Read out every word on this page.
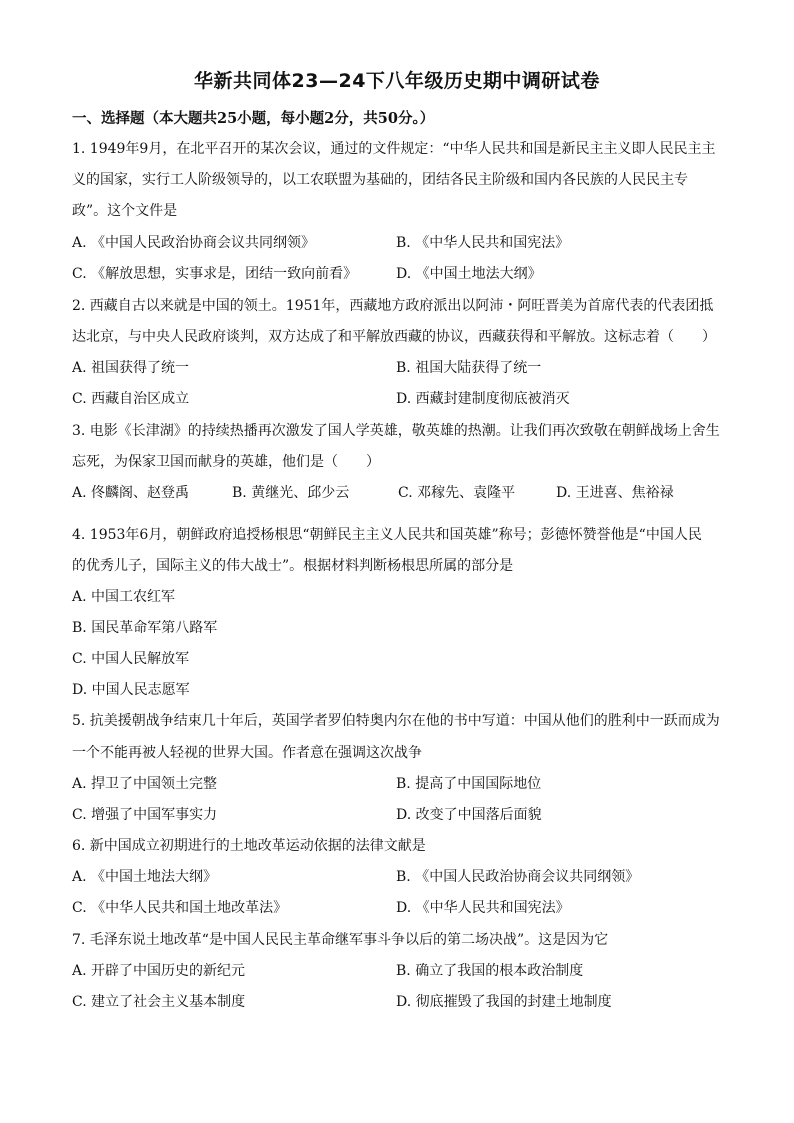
华新共同体23—24下八年级历史期中调研试卷
一、选择题（本大题共25小题，每小题2分，共50分。）
1. 1949年9月，在北平召开的某次会议，通过的文件规定：“中华人民共和国是新民主主义即人民民主主
义的国家，实行工人阶级领导的，以工农联盟为基础的，团结各民主阶级和国内各民族的人民民主专
政”。这个文件是
A. 《中国人民政治协商会议共同纲领》	B. 《中华人民共和国宪法》
C. 《解放思想，实事求是，团结一致向前看》	D. 《中国土地法大纲》
2. 西藏自古以来就是中国的领土。1951年，西藏地方政府派出以阿沛・阿旺晋美为首席代表的代表团抵
达北京，与中央人民政府谈判，双方达成了和平解放西藏的协议，西藏获得和平解放。这标志着（　　）
A. 祖国获得了统一	B. 祖国大陆获得了统一
C. 西藏自治区成立	D. 西藏封建制度彻底被消灭
3. 电影《长津湖》的持续热播再次激发了国人学英雄，敬英雄的热潮。让我们再次致敬在朝鲜战场上舍生
忘死，为保家卫国而献身的英雄，他们是（　　）
A. 佟麟阁、赵登禹	B. 黄继光、邱少云	C. 邓稼先、袁隆平	D. 王进喜、焦裕禄
4. 1953年6月，朝鲜政府追授杨根思“朝鲜民主主义人民共和国英雄”称号；彭德怀赞誉他是“中国人民
的优秀儿子，国际主义的伟大战士”。根据材料判断杨根思所属的部分是
A. 中国工农红军
B. 国民革命军第八路军
C. 中国人民解放军
D. 中国人民志愿军
5. 抗美援朝战争结束几十年后，英国学者罗伯特奥内尔在他的书中写道：中国从他们的胜利中一跃而成为
一个不能再被人轻视的世界大国。作者意在强调这次战争
A. 捍卫了中国领土完整	B. 提高了中国国际地位
C. 增强了中国军事实力	D. 改变了中国落后面貌
6. 新中国成立初期进行的土地改革运动依据的法律文献是
A. 《中国土地法大纲》	B. 《中国人民政治协商会议共同纲领》
C. 《中华人民共和国土地改革法》	D. 《中华人民共和国宪法》
7. 毛泽东说土地改革“是中国人民民主革命继军事斗争以后的第二场决战”。这是因为它
A. 开辟了中国历史的新纪元	B. 确立了我国的根本政治制度
C. 建立了社会主义基本制度	D. 彻底摧毁了我国的封建土地制度
